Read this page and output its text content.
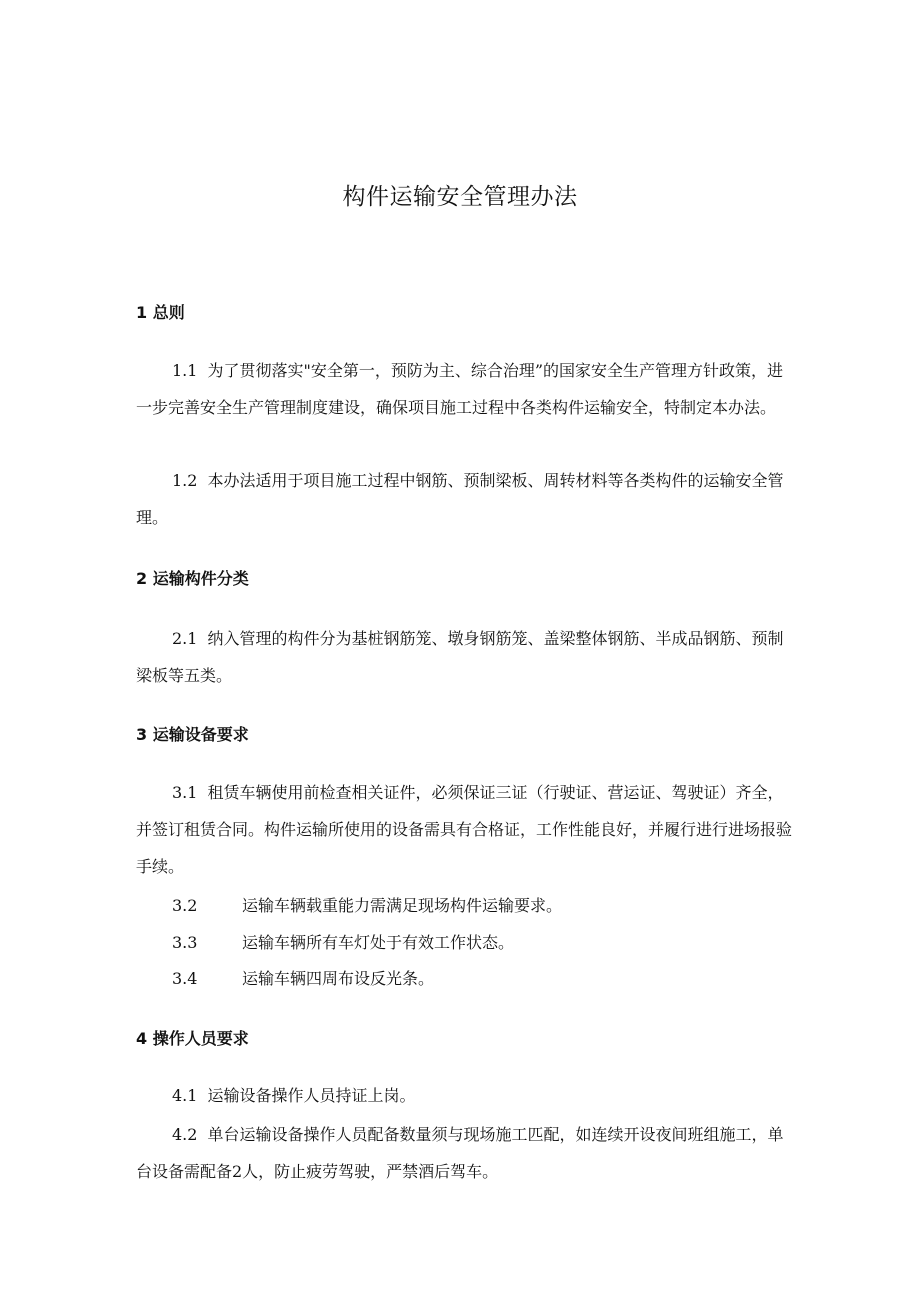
构件运输安全管理办法
1 总则
1.1 为了贯彻落实"安全第一，预防为主、综合治理”的国家安全生产管理方针政策，进一步完善安全生产管理制度建设，确保项目施工过程中各类构件运输安全，特制定本办法。
1.2 本办法适用于项目施工过程中钢筋、预制梁板、周转材料等各类构件的运输安全管理。
2 运输构件分类
2.1 纳入管理的构件分为基桩钢筋笼、墩身钢筋笼、盖梁整体钢筋、半成品钢筋、预制梁板等五类。
3 运输设备要求
3.1 租赁车辆使用前检查相关证件，必须保证三证（行驶证、营运证、驾驶证）齐全，并签订租赁合同。构件运输所使用的设备需具有合格证，工作性能良好，并履行进行进场报验手续。
3.2	运输车辆载重能力需满足现场构件运输要求。
3.3	运输车辆所有车灯处于有效工作状态。
3.4	运输车辆四周布设反光条。
4 操作人员要求
4.1 运输设备操作人员持证上岗。
4.2 单台运输设备操作人员配备数量须与现场施工匹配，如连续开设夜间班组施工，单台设备需配备2人，防止疲劳驾驶，严禁酒后驾车。
